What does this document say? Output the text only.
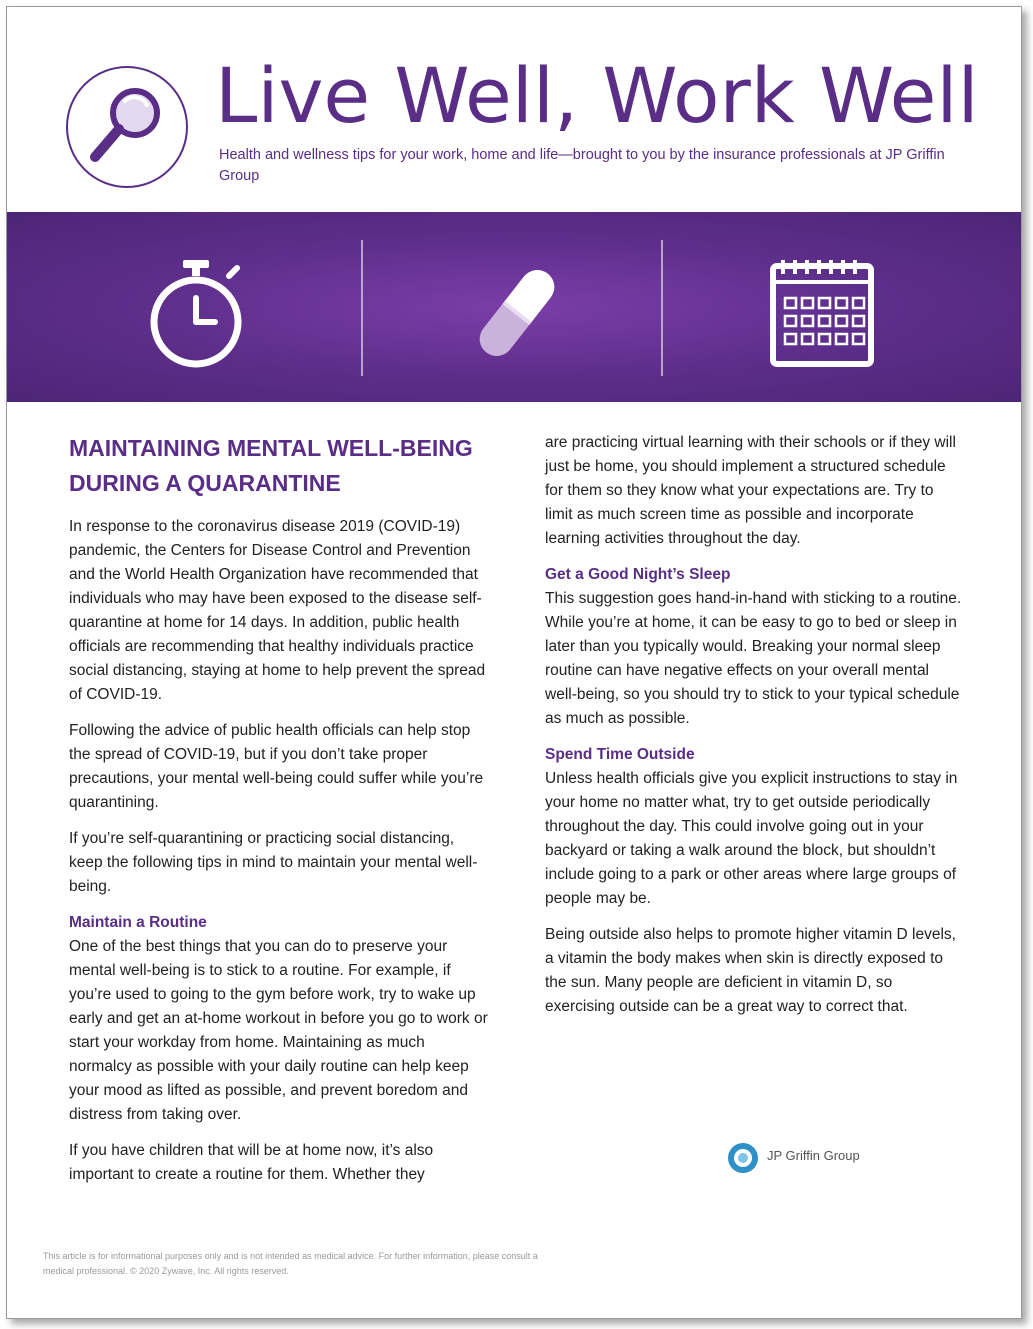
Live Well, Work Well

Health and wellness tips for your work, home and life—brought to you by the insurance professionals at JP Griffin Group

MAINTAINING MENTAL WELL-BEING DURING A QUARANTINE

In response to the coronavirus disease 2019 (COVID-19) pandemic, the Centers for Disease Control and Prevention and the World Health Organization have recommended that individuals who may have been exposed to the disease self-quarantine at home for 14 days. In addition, public health officials are recommending that healthy individuals practice social distancing, staying at home to help prevent the spread of COVID-19.

Following the advice of public health officials can help stop the spread of COVID-19, but if you don’t take proper precautions, your mental well-being could suffer while you’re quarantining.

If you’re self-quarantining or practicing social distancing, keep the following tips in mind to maintain your mental well-being.

Maintain a Routine

One of the best things that you can do to preserve your mental well-being is to stick to a routine. For example, if you’re used to going to the gym before work, try to wake up early and get an at-home workout in before you go to work or start your workday from home. Maintaining as much normalcy as possible with your daily routine can help keep your mood as lifted as possible, and prevent boredom and distress from taking over.

If you have children that will be at home now, it’s also important to create a routine for them. Whether they

are practicing virtual learning with their schools or if they will just be home, you should implement a structured schedule for them so they know what your expectations are. Try to limit as much screen time as possible and incorporate learning activities throughout the day.

Get a Good Night’s Sleep

This suggestion goes hand-in-hand with sticking to a routine. While you’re at home, it can be easy to go to bed or sleep in later than you typically would. Breaking your normal sleep routine can have negative effects on your overall mental well-being, so you should try to stick to your typical schedule as much as possible.

Spend Time Outside

Unless health officials give you explicit instructions to stay in your home no matter what, try to get outside periodically throughout the day. This could involve going out in your backyard or taking a walk around the block, but shouldn’t include going to a park or other areas where large groups of people may be.

Being outside also helps to promote higher vitamin D levels, a vitamin the body makes when skin is directly exposed to the sun. Many people are deficient in vitamin D, so exercising outside can be a great way to correct that.

JP Griffin Group

This article is for informational purposes only and is not intended as medical advice. For further information, please consult a medical professional. © 2020 Zywave, Inc. All rights reserved.
